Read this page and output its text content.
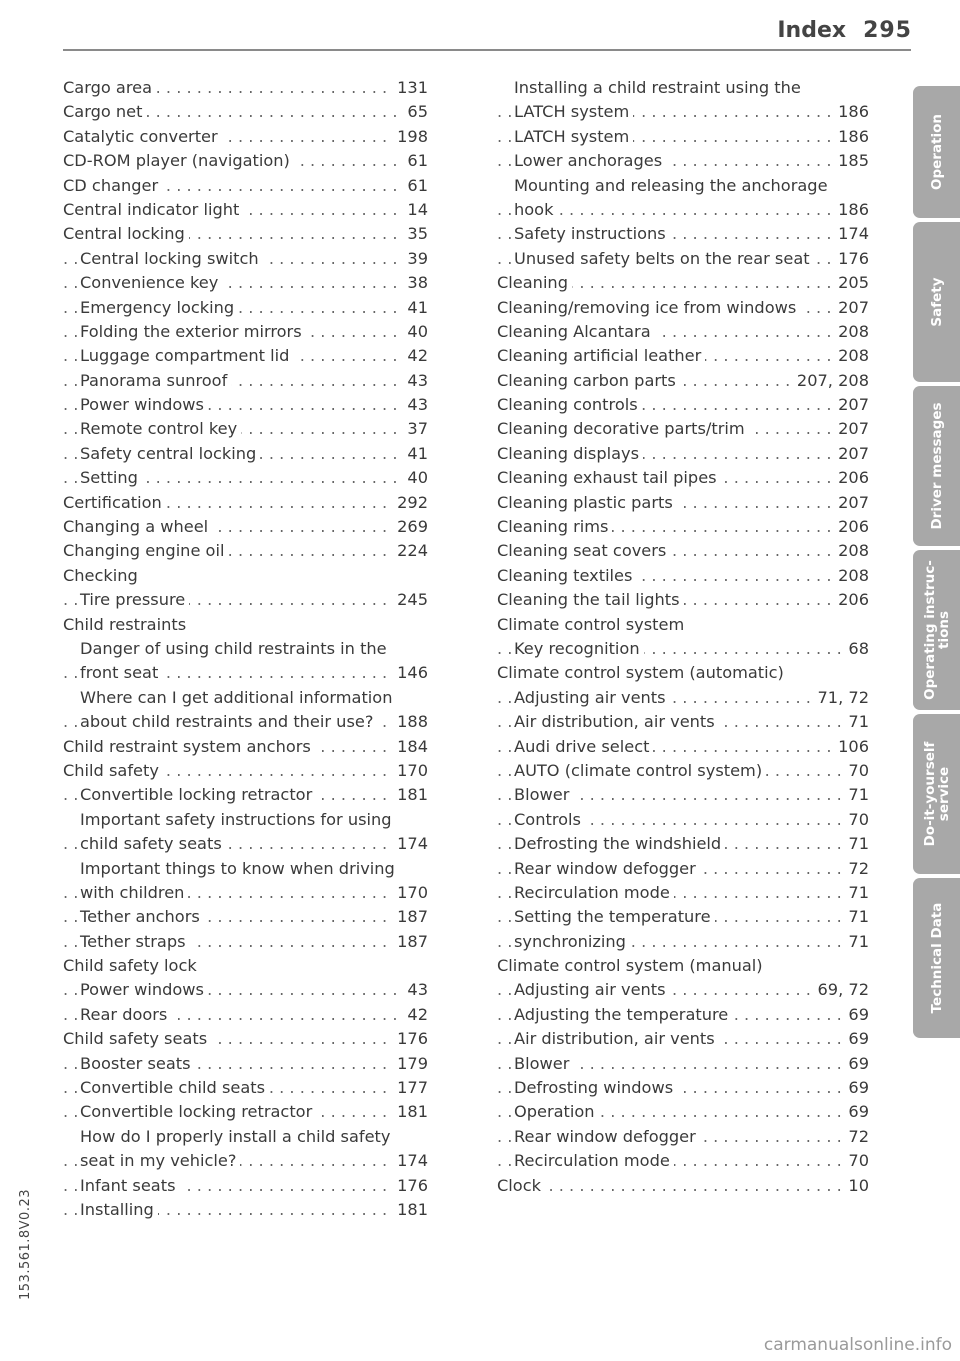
Index 295
. . .
Cargo area	131
. . .
Cargo net	65
. . .
Catalytic converter	198
. . .
CD-ROM player (navigation)	61
. . .
CD changer	61
. . .
Central indicator light	14
. . .
Central locking	35
. . .
Central locking switch	39
. . .
Convenience key	38
. . .
Emergency locking	41
. . .
Folding the exterior mirrors	40
. . .
Luggage compartment lid	42
. . .
Panorama sunroof	43
. . .
Power windows	43
. . .
Remote control key	37
. . .
Safety central locking	41
. . .
Setting	40
. . .
Certification	292
. . .
Changing a wheel	269
. . .
Changing engine oil	224
Checking
. . .
Tire pressure	245
Child restraints
Danger of using child restraints in the
. . .
front seat	146
Where can I get additional information
. . .
about child restraints and their use?	188
. . .
Child restraint system anchors	184
. . .
Child safety	170
. . .
Convertible locking retractor	181
Important safety instructions for using
. . .
child safety seats	174
Important things to know when driving
. . .
with children	170
. . .
Tether anchors	187
. . .
Tether straps	187
Child safety lock
. . .
Power windows	43
. . .
Rear doors	42
. . .
Child safety seats	176
. . .
Booster seats	179
. . .
Convertible child seats	177
. . .
Convertible locking retractor	181
How do I properly install a child safety
. . .
seat in my vehicle?	174
. . .
Infant seats	176
. . .
Installing	181
Installing a child restraint using the
. . .
LATCH system	186
. . .
LATCH system	186
. . .
Lower anchorages	185
Mounting and releasing the anchorage
. . .
hook	186
. . .
Safety instructions	174
. . .
Unused safety belts on the rear seat	176
. . .
Cleaning	205
. . .
Cleaning/removing ice from windows	207
. . .
Cleaning Alcantara	208
. . .
Cleaning artificial leather	208
. . .
Cleaning carbon parts	207, 208
. . .
Cleaning controls	207
. . .
Cleaning decorative parts/trim	207
. . .
Cleaning displays	207
. . .
Cleaning exhaust tail pipes	206
. . .
Cleaning plastic parts	207
. . .
Cleaning rims	206
. . .
Cleaning seat covers	208
. . .
Cleaning textiles	208
. . .
Cleaning the tail lights	206
Climate control system
. . .
Key recognition	68
Climate control system (automatic)
. . .
Adjusting air vents	71, 72
. . .
Air distribution, air vents	71
. . .
Audi drive select	106
. . .
AUTO (climate control system)	70
. . .
Blower	71
. . .
Controls	70
. . .
Defrosting the windshield	71
. . .
Rear window defogger	72
. . .
Recirculation mode	71
. . .
Setting the temperature	71
. . .
synchronizing	71
Climate control system (manual)
. . .
Adjusting air vents	69, 72
. . .
Adjusting the temperature	69
. . .
Air distribution, air vents	69
. . .
Blower	69
. . .
Defrosting windows	69
. . .
Operation	69
. . .
Rear window defogger	72
. . .
Recirculation mode	70
. . .
Clock	10
Operation
Safety
Driver messages
Operating instruc-
tions
Do-it-yourself
service
Technical Data
153.561.8V0.23
carmanualsonline.info
